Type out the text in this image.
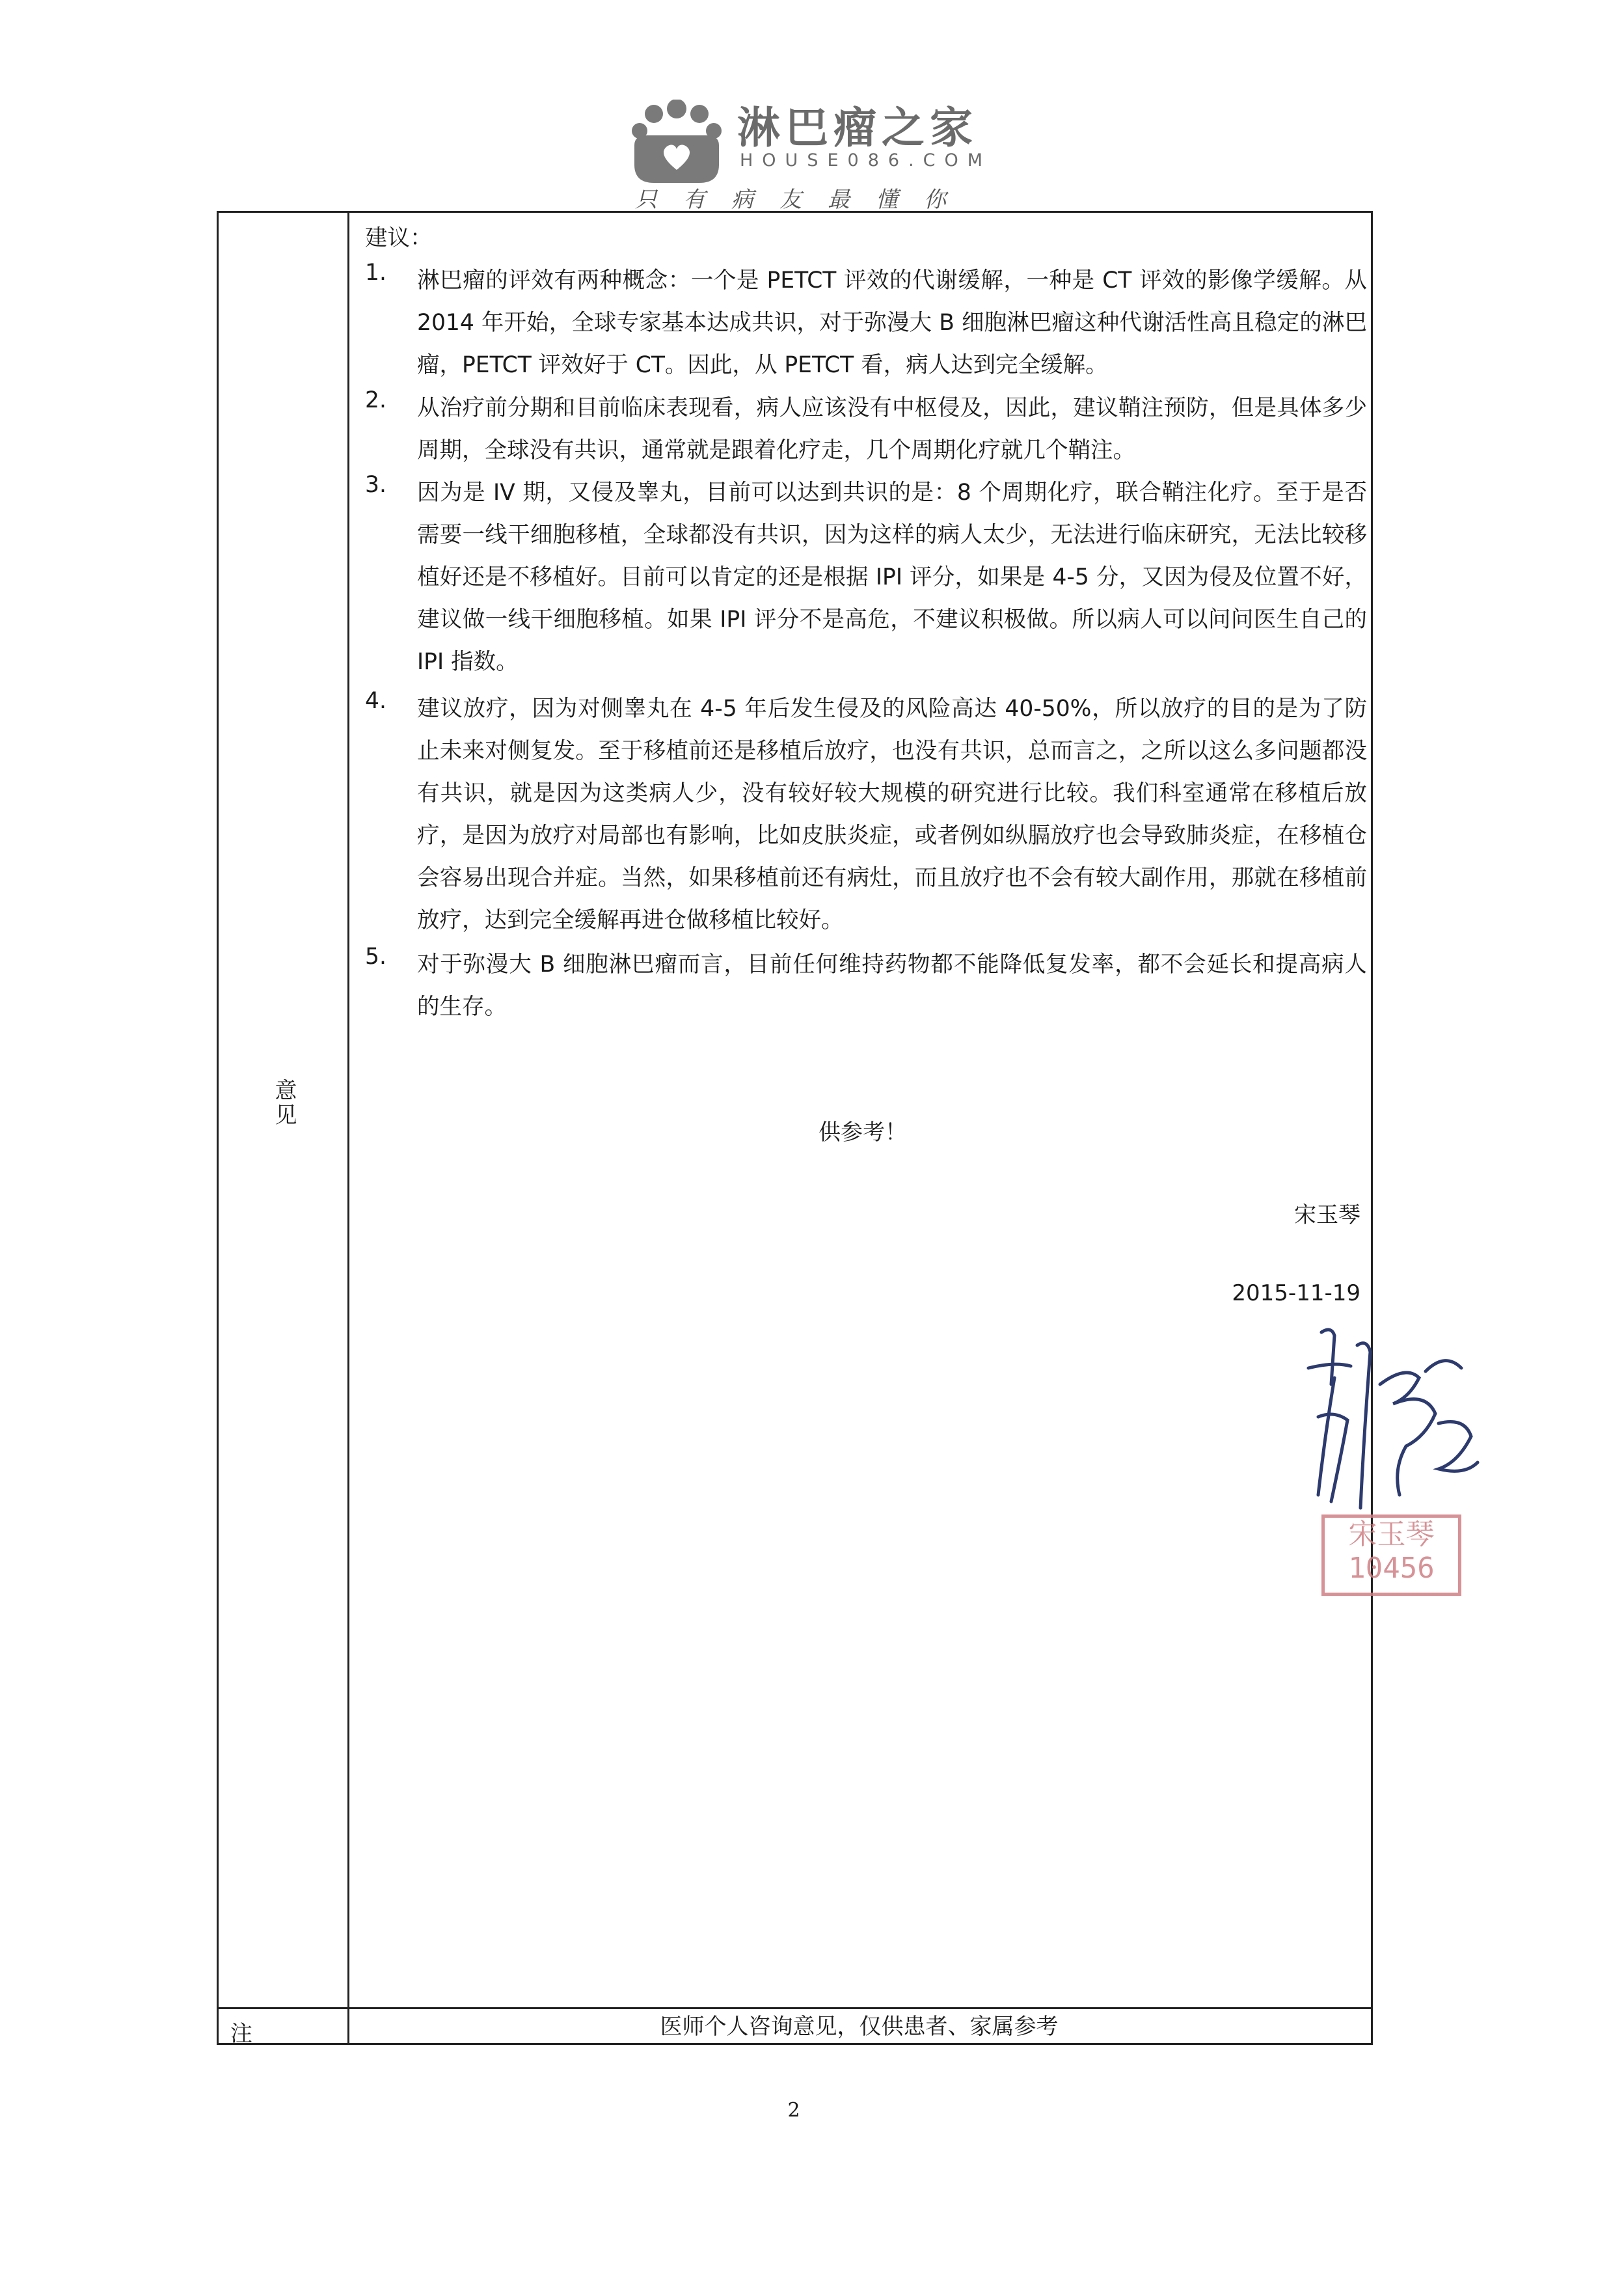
淋巴瘤之家
HOUSE086.COM
只有病友最懂你
意见
注
建议：
1. 淋巴瘤的评效有两种概念：一个是 PETCT 评效的代谢缓解，一种是 CT 评效的影像学缓解。从 2014 年开始，全球专家基本达成共识，对于弥漫大 B 细胞淋巴瘤这种代谢活性高且稳定的淋巴瘤，PETCT 评效好于 CT。因此，从 PETCT 看，病人达到完全缓解。
2. 从治疗前分期和目前临床表现看，病人应该没有中枢侵及，因此，建议鞘注预防，但是具体多少周期，全球没有共识，通常就是跟着化疗走，几个周期化疗就几个鞘注。
3. 因为是 IV 期，又侵及睾丸，目前可以达到共识的是：8 个周期化疗，联合鞘注化疗。至于是否需要一线干细胞移植，全球都没有共识，因为这样的病人太少，无法进行临床研究，无法比较移植好还是不移植好。目前可以肯定的还是根据 IPI 评分，如果是 4-5 分，又因为侵及位置不好，建议做一线干细胞移植。如果 IPI 评分不是高危，不建议积极做。所以病人可以问问医生自己的 IPI 指数。
4. 建议放疗，因为对侧睾丸在 4-5 年后发生侵及的风险高达 40-50%，所以放疗的目的是为了防止未来对侧复发。至于移植前还是移植后放疗，也没有共识，总而言之，之所以这么多问题都没有共识，就是因为这类病人少，没有较好较大规模的研究进行比较。我们科室通常在移植后放疗，是因为放疗对局部也有影响，比如皮肤炎症，或者例如纵膈放疗也会导致肺炎症，在移植仓会容易出现合并症。当然，如果移植前还有病灶，而且放疗也不会有较大副作用，那就在移植前放疗，达到完全缓解再进仓做移植比较好。
5. 对于弥漫大 B 细胞淋巴瘤而言，目前任何维持药物都不能降低复发率，都不会延长和提高病人的生存。
供参考！
宋玉琴
2015-11-19
宋玉琴
10456
医师个人咨询意见，仅供患者、家属参考
2
